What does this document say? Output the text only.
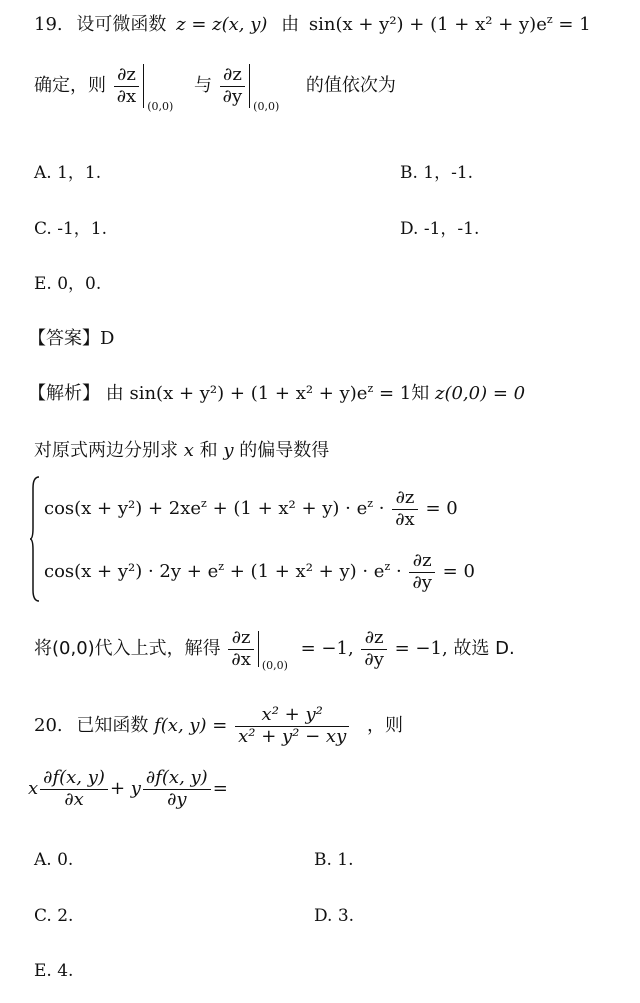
19. 设可微函数 z = z(x, y) 由 $\sin(x + y^2) + (1 + x^2 + y)e^z = 1$
确定，则 $\frac{\partial z}{\partial x} (0,0)$
与 $\frac{\partial z}{\partial y} (0,0)$
的值依次为
A. 1，1.	B. 1，-1.
C. -1，1.	D. -1，-1.
E. 0，0.
【答案】D
【解析】 由 $\sin(x + y^2) + (1 + x^2 + y)e^z = 1$知 z(0,0) = 0
对原式两边分别求 x 和 y 的偏导数得
$\cos(x + y^2) + 2xe^z + (1 + x^2 + y) \cdot e^z \cdot \frac{\partial z}{\partial x} = 0$
$\cos(x + y^2) \cdot 2y + e^z + (1 + x^2 + y) \cdot e^z \cdot \frac{\partial z}{\partial y} = 0$
将(0,0)代入上式，解得 $\frac{\partial z}{\partial x} (0,0)$
= −1, $\frac{\partial z}{\partial y} = -1$, 故选 D.
20. 已知函数 f(x, $y) = \frac{\text{x² + y²}}{\text{x² + y² − xy}}$ ，则
x $\frac{\partial f(x, y)}{\partial x} + y \frac{\partial f(x, y)}{\partial y}$ =
A. 0.	B. 1.
C. 2.	D. 3.
E. 4.
